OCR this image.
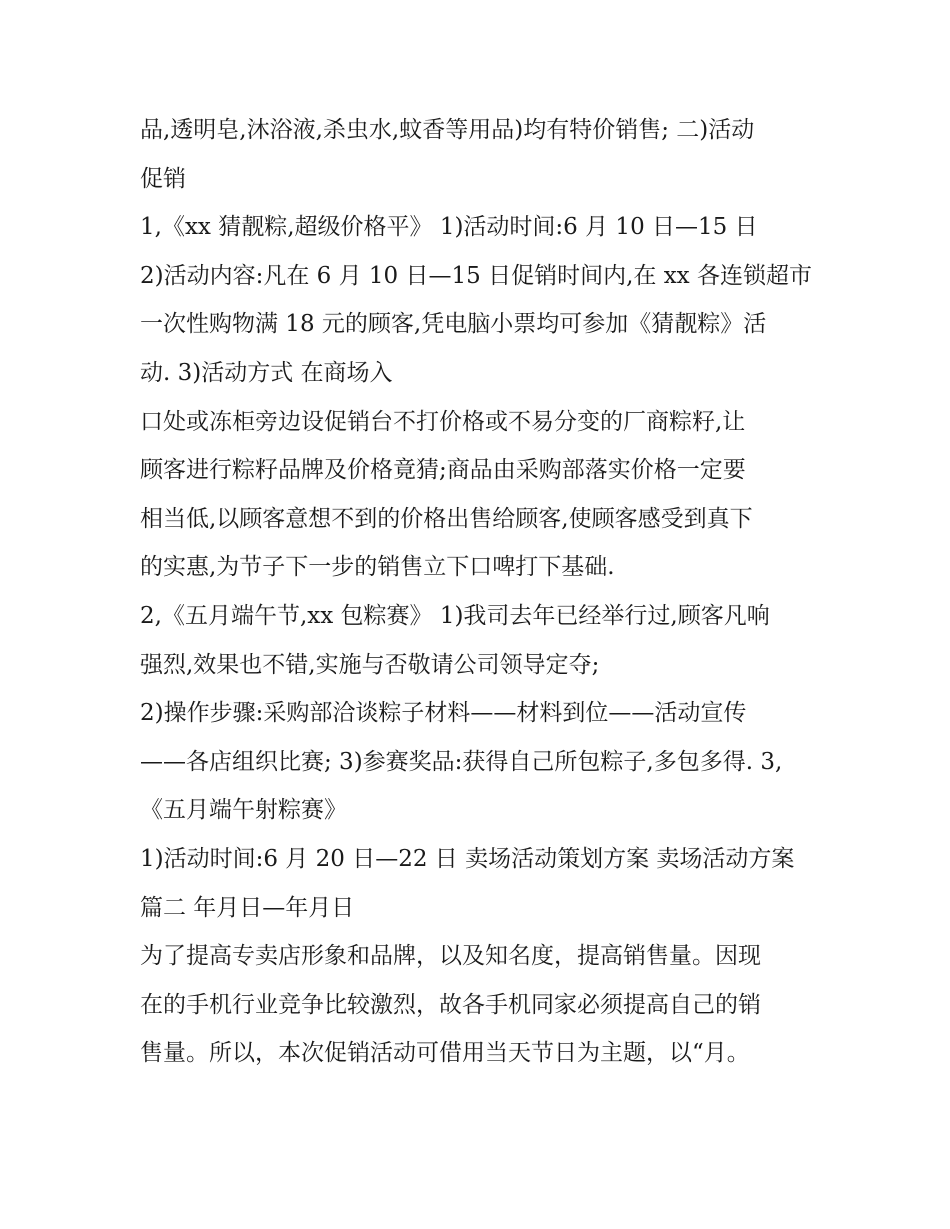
品,透明皂,沐浴液,杀虫水,蚊香等用品)均有特价销售; 二)活动
促销
1,《xx 猜靓粽,超级价格平》 1)活动时间:6 月 10 日—15 日
2)活动内容:凡在 6 月 10 日—15 日促销时间内,在 xx 各连锁超市
一次性购物满 18 元的顾客,凭电脑小票均可参加《猜靓粽》活
动. 3)活动方式 在商场入
口处或冻柜旁边设促销台不打价格或不易分变的厂商粽籽,让
顾客进行粽籽品牌及价格竟猜;商品由采购部落实价格一定要
相当低,以顾客意想不到的价格出售给顾客,使顾客感受到真下
的实惠,为节子下一步的销售立下口啤打下基础.
2,《五月端午节,xx 包粽赛》 1)我司去年已经举行过,顾客凡响
强烈,效果也不错,实施与否敬请公司领导定夺;
2)操作步骤:采购部洽谈粽子材料——材料到位——活动宣传
——各店组织比赛; 3)参赛奖品:获得自己所包粽子,多包多得. 3,
《五月端午射粽赛》
1)活动时间:6 月 20 日—22 日 卖场活动策划方案 卖场活动方案
篇二 年月日—年月日
为了提高专卖店形象和品牌，以及知名度，提高销售量。因现
在的手机行业竞争比较激烈，故各手机同家必须提高自己的销
售量。所以，本次促销活动可借用当天节日为主题，以“月。
